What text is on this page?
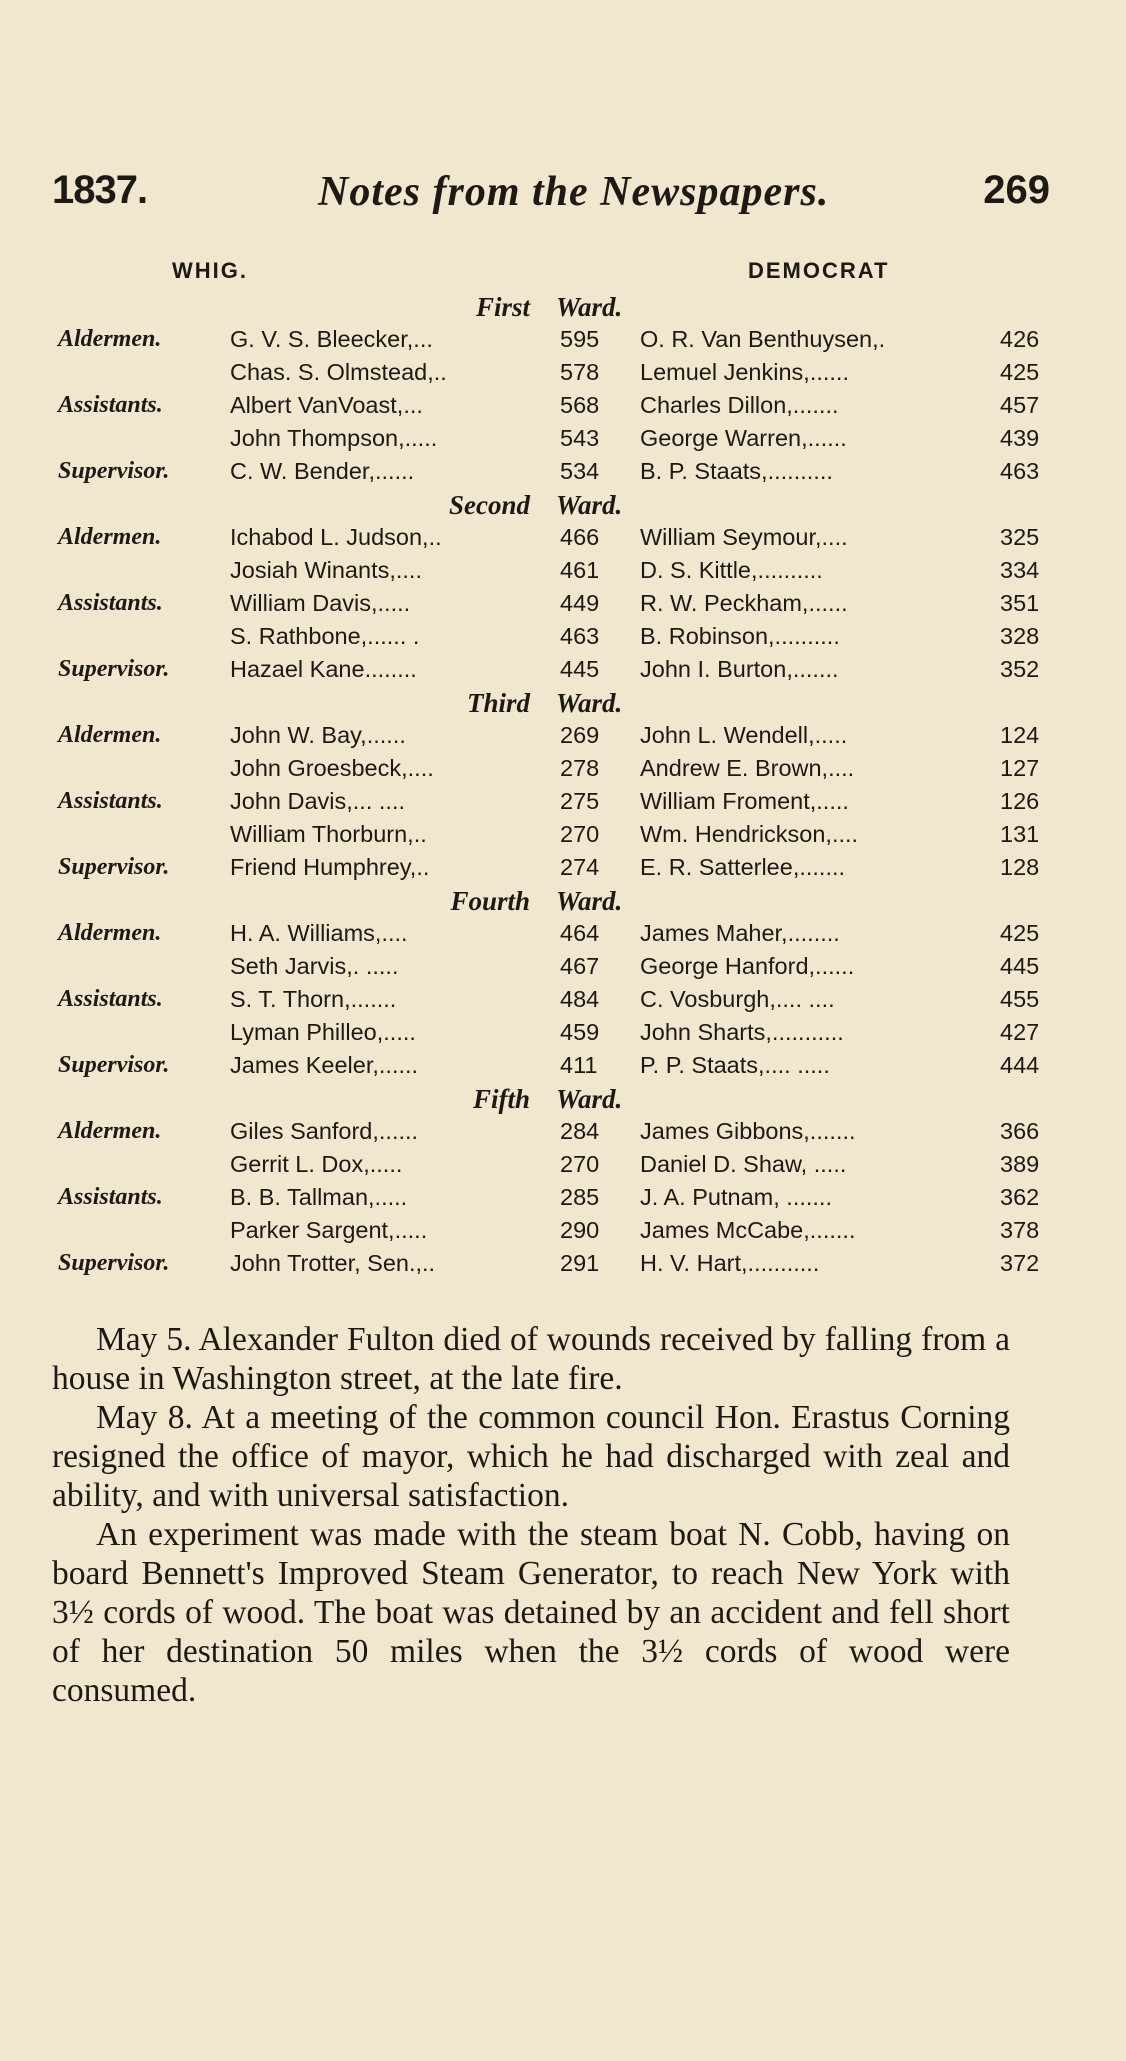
1837.	Notes from the Newspapers.	269
WHIG.	DEMOCRAT
First Ward.
Aldermen.	G. V. S. Bleecker,...	595 O. R. Van Benthuysen,.	426
Chas. S. Olmstead,..	578 Lemuel Jenkins,......	425
Assistants.	Albert VanVoast,...	568 Charles Dillon,.......	457
John Thompson,.....	543 George Warren,......	439
Supervisor.	C. W. Bender,......	534 B. P. Staats,..........	463
Second Ward.
Aldermen.	Ichabod L. Judson,..	466 William Seymour,....	325
Josiah Winants,....	461 D. S. Kittle,..........	334
Assistants.	William Davis,.....	449 R. W. Peckham,......	351
S. Rathbone,...... .	463 B. Robinson,..........	328
Supervisor.	Hazael Kane........	445 John I. Burton,.......	352
Third Ward.
Aldermen.	John W. Bay,......	269 John L. Wendell,.....	124
John Groesbeck,....	278 Andrew E. Brown,....	127
Assistants.	John Davis,... ....	275 William Froment,.....	126
William Thorburn,..	270 Wm. Hendrickson,....	131
Supervisor.	Friend Humphrey,..	274 E. R. Satterlee,.......	128
Fourth Ward.
Aldermen.	H. A. Williams,....	464 James Maher,........	425
Seth Jarvis,. .....	467 George Hanford,......	445
Assistants.	S. T. Thorn,.......	484 C. Vosburgh,.... ....	455
Lyman Philleo,.....	459 John Sharts,...........	427
Supervisor.	James Keeler,......	411 P. P. Staats,.... .....	444
Fifth Ward.
Aldermen.	Giles Sanford,......	284 James Gibbons,.......	366
Gerrit L. Dox,.....	270 Daniel D. Shaw, .....	389
Assistants.	B. B. Tallman,.....	285 J. A. Putnam, .......	362
Parker Sargent,.....	290 James McCabe,.......	378
Supervisor.	John Trotter, Sen.,..	291 H. V. Hart,...........	372

May 5. Alexander Fulton died of wounds received by falling from a house in Washington street, at the late fire.

May 8. At a meeting of the common council Hon. Erastus Corning resigned the office of mayor, which he had discharged with zeal and ability, and with universal satisfaction.

An experiment was made with the steam boat N. Cobb, having on board Bennett's Improved Steam Generator, to reach New York with 3½ cords of wood. The boat was detained by an accident and fell short of her destination 50 miles when the 3½ cords of wood were consumed.
